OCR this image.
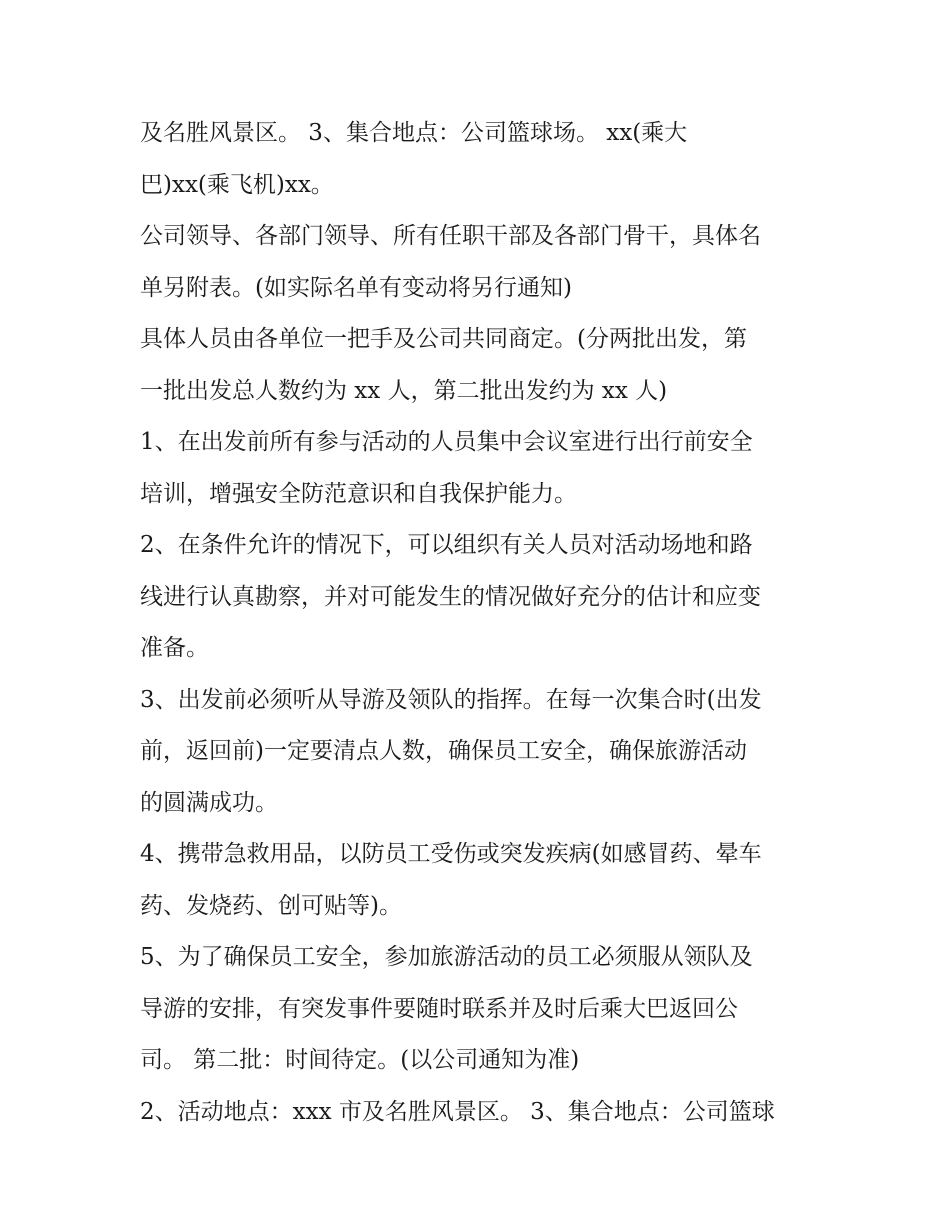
及名胜风景区。 3、集合地点：公司篮球场。 xx(乘大
巴)xx(乘飞机)xx。
公司领导、各部门领导、所有任职干部及各部门骨干，具体名
单另附表。(如实际名单有变动将另行通知)
具体人员由各单位一把手及公司共同商定。(分两批出发，第
一批出发总人数约为 xx 人，第二批出发约为 xx 人)
1、在出发前所有参与活动的人员集中会议室进行出行前安全
培训，增强安全防范意识和自我保护能力。
2、在条件允许的情况下，可以组织有关人员对活动场地和路
线进行认真勘察，并对可能发生的情况做好充分的估计和应变
准备。
3、出发前必须听从导游及领队的指挥。在每一次集合时(出发
前，返回前)一定要清点人数，确保员工安全，确保旅游活动
的圆满成功。
4、携带急救用品，以防员工受伤或突发疾病(如感冒药、晕车
药、发烧药、创可贴等)。
5、为了确保员工安全，参加旅游活动的员工必须服从领队及
导游的安排，有突发事件要随时联系并及时后乘大巴返回公
司。 第二批：时间待定。(以公司通知为准)
2、活动地点：xxx 市及名胜风景区。 3、集合地点：公司篮球
